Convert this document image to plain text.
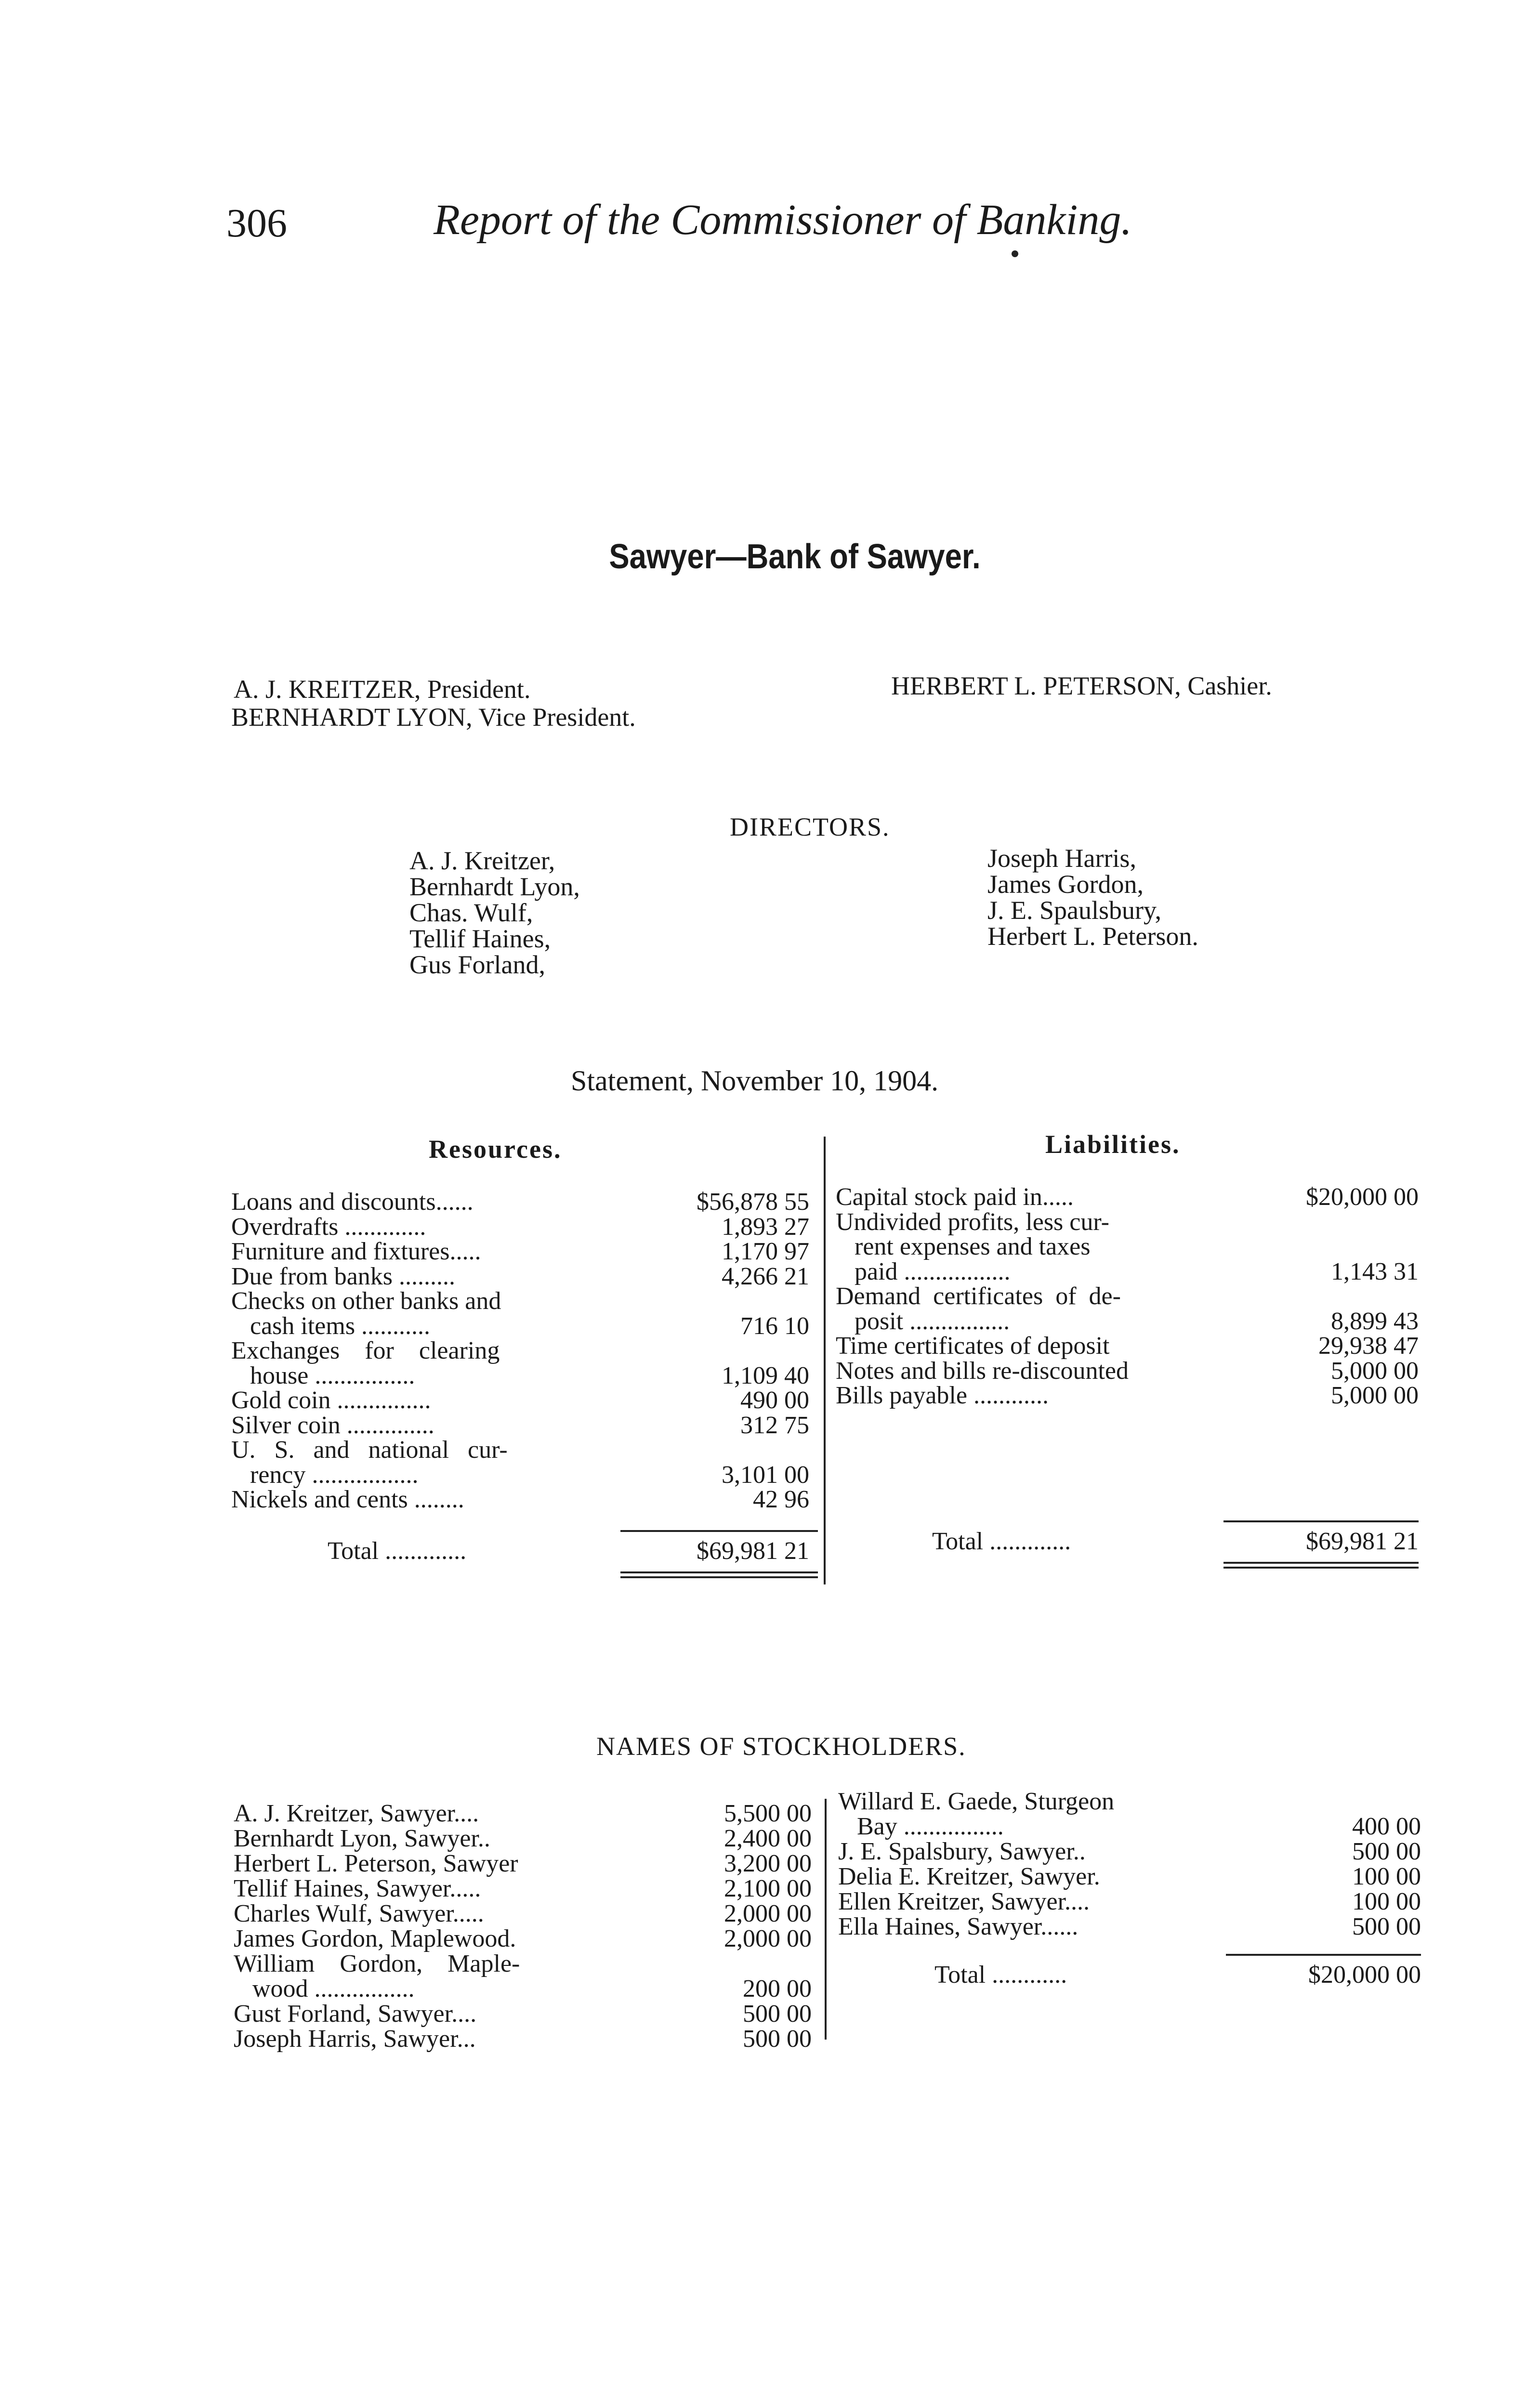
306	Report of the Commissioner of Banking.
Sawyer—Bank of Sawyer.
A. J. KREITZER, President.
BERNHARDT LYON, Vice President.
HERBERT L. PETERSON, Cashier.
DIRECTORS.
A. J. Kreitzer,
Bernhardt Lyon,
Chas. Wulf,
Tellif Haines,
Gus Forland,
Joseph Harris,
James Gordon,
J. E. Spaulsbury,
Herbert L. Peterson.
Statement, November 10, 1904.
Resources.	Liabilities.
Loans and discounts......	$56,878 55
Overdrafts .............	1,893 27
Furniture and fixtures.....	1,170 97
Due from banks .........	4,266 21
Checks on other banks and
cash items ...........	716 10
Exchanges    for    clearing
house ................	1,109 40
Gold coin ...............	490 00
Silver coin ..............	312 75
U.   S.   and   national   cur-
rency .................	3,101 00
Nickels and cents ........	42 96
Total .............	$69,981 21
Capital stock paid in.....	$20,000 00
Undivided profits, less cur-
rent expenses and taxes
paid .................	1,143 31
Demand  certificates  of  de-
posit ................	8,899 43
Time certificates of deposit	29,938 47
Notes and bills re-discounted	5,000 00
Bills payable ............	5,000 00
Total .............	$69,981 21
NAMES OF STOCKHOLDERS.
A. J. Kreitzer, Sawyer....	5,500 00
Bernhardt Lyon, Sawyer..	2,400 00
Herbert L. Peterson, Sawyer	3,200 00
Tellif Haines, Sawyer.....	2,100 00
Charles Wulf, Sawyer.....	2,000 00
James Gordon, Maplewood.	2,000 00
William    Gordon,    Maple-
wood ................	200 00
Gust Forland, Sawyer....	500 00
Joseph Harris, Sawyer...	500 00
Willard E. Gaede, Sturgeon
Bay ................	400 00
J. E. Spalsbury, Sawyer..	500 00
Delia E. Kreitzer, Sawyer.	100 00
Ellen Kreitzer, Sawyer....	100 00
Ella Haines, Sawyer......	500 00
Total ............	$20,000 00
